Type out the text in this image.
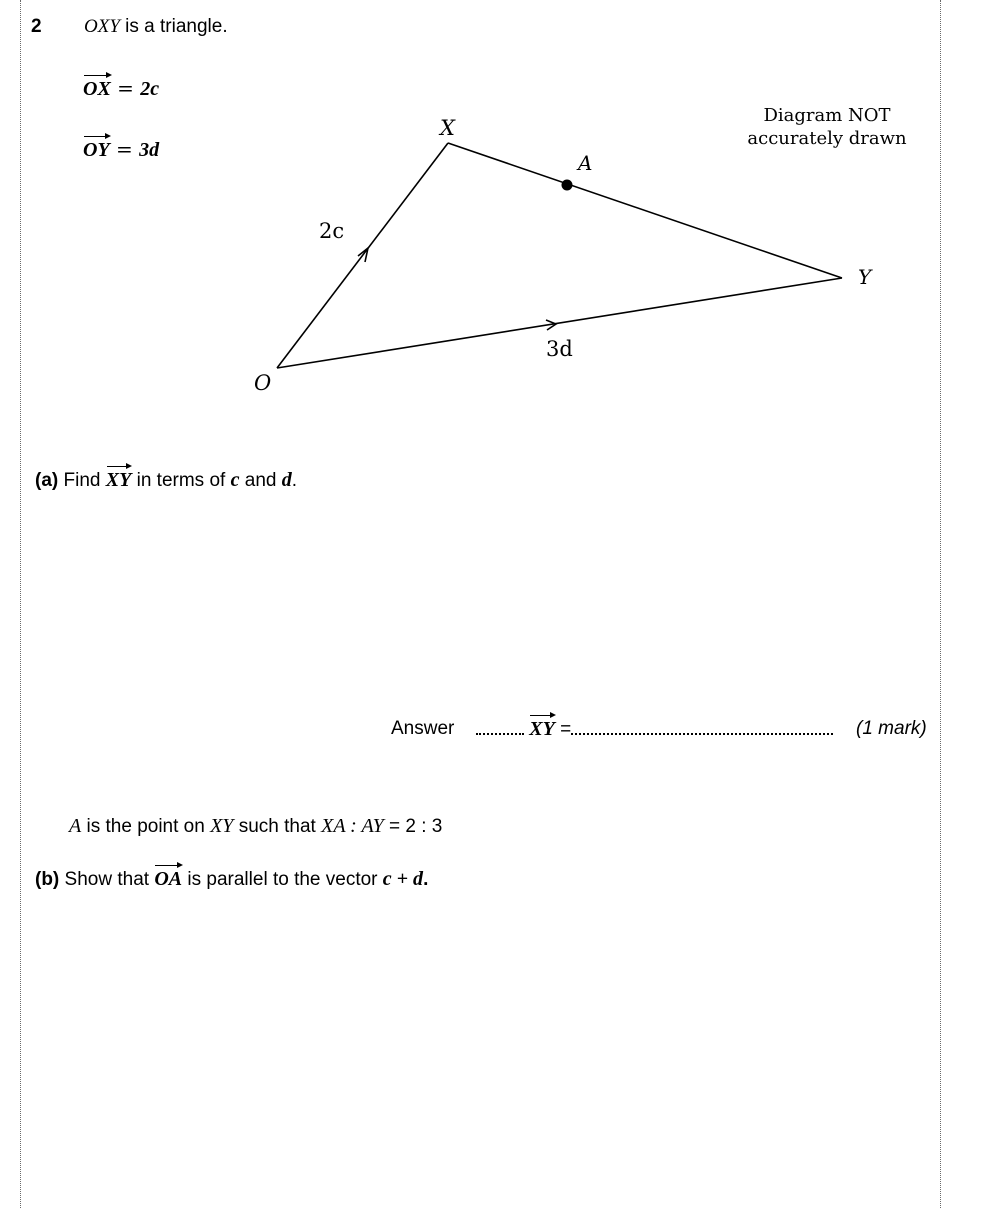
2 OXY is a triangle.
OX = 2c
OY = 3d
X
A
Y
O
2c
3d
Diagram NOT
accurately drawn
(a) Find XY in terms of c and d.
Answer	XY =	(1 mark)
A is the point on XY such that XA : AY = 2 : 3
(b) Show that OA is parallel to the vector c + d.
